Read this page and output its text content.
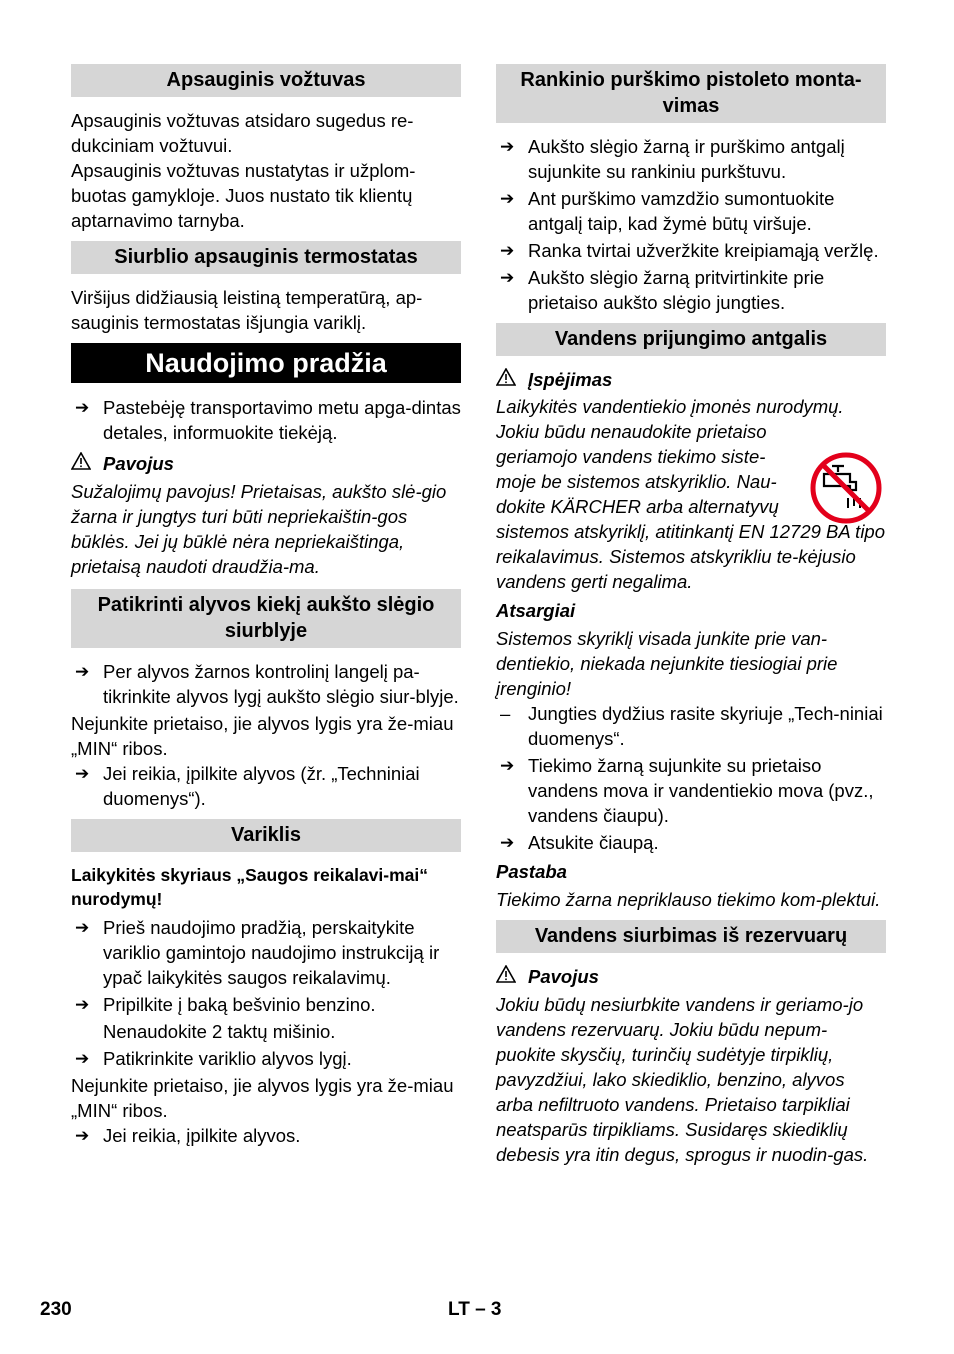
Apsauginis vožtuvas

Apsauginis vožtuvas atsidaro sugedus re-dukciniam vožtuvui.

Apsauginis vožtuvas nustatytas ir užplom-buotas gamykloje. Juos nustato tik klientų aptarnavimo tarnyba.

Siurblio apsauginis termostatas

Viršijus didžiausią leistiną temperatūrą, ap-sauginis termostatas išjungia variklį.

Naudojimo pradžia
➔ Pastebėję transportavimo metu apga-dintas detales, informuokite tiekėją.
Pavojus

Sužalojimų pavojus! Prietaisas, aukšto slė-gio žarna ir jungtys turi būti nepriekaištin-gos būklės. Jei jų būklė nėra nepriekaištinga, prietaisą naudoti draudžia-ma.

Patikrinti alyvos kiekį aukšto slėgio siurblyje
➔ Per alyvos žarnos kontrolinį langelį pa-tikrinkite alyvos lygį aukšto slėgio siur-blyje.

Nejunkite prietaiso, jie alyvos lygis yra že-miau „MIN“ ribos.

➔ Jei reikia, įpilkite alyvos (žr. „Techniniai duomenys“).
Variklis
Laikykitės skyriaus „Saugos reikalavi-mai“ nurodymų!
➔ Prieš naudojimo pradžią, perskaitykite variklio gamintojo naudojimo instrukciją ir ypač laikykitės saugos reikalavimų.
➔ Pripilkite į baką bešvinio benzino.

Nenaudokite 2 taktų mišinio.

➔ Patikrinkite variklio alyvos lygį.

Nejunkite prietaiso, jie alyvos lygis yra že-miau „MIN“ ribos.

➔ Jei reikia, įpilkite alyvos.
Rankinio purškimo pistoleto monta-vimas
➔ Aukšto slėgio žarną ir purškimo antgalį sujunkite su rankiniu purkštuvu.
➔ Ant purškimo vamzdžio sumontuokite antgalį taip, kad žymė būtų viršuje.
➔ Ranka tvirtai užveržkite kreipiamąją veržlę.
➔ Aukšto slėgio žarną pritvirtinkite prie prietaiso aukšto slėgio jungties.
Vandens prijungimo antgalis
Įspėjimas

Laikykitės vandentiekio įmonės nurodymų.

Jokiu būdu nenaudokite prietaiso geriamojo vandens tiekimo siste-moje be sistemos atskyriklio. Nau-dokite KÄRCHER arba alternatyvų

sistemos atskyriklį, atitinkantį EN 12729 BA tipo reikalavimus. Sistemos atskyrikliu te-kėjusio vandens gerti negalima.

Atsargiai

Sistemos skyriklį visada junkite prie van-dentiekio, niekada nejunkite tiesiogiai prie įrenginio!

– Jungties dydžius rasite skyriuje „Tech-niniai duomenys“.
➔ Tiekimo žarną sujunkite su prietaiso vandens mova ir vandentiekio mova (pvz., vandens čiaupu).
➔ Atsukite čiaupą.
Pastaba

Tiekimo žarna nepriklauso tiekimo kom-plektui.

Vandens siurbimas iš rezervuarų
Pavojus

Jokiu būdų nesiurbkite vandens ir geriamo-jo vandens rezervuarų. Jokiu būdu nepum-puokite skysčių, turinčių sudėtyje tirpiklių, pavyzdžiui, lako skiediklio, benzino, alyvos arba nefiltruoto vandens. Prietaiso tarpikliai neatsparūs tirpikliams. Susidaręs skiediklių debesis yra itin degus, sprogus ir nuodin-gas.

230	LT – 3
